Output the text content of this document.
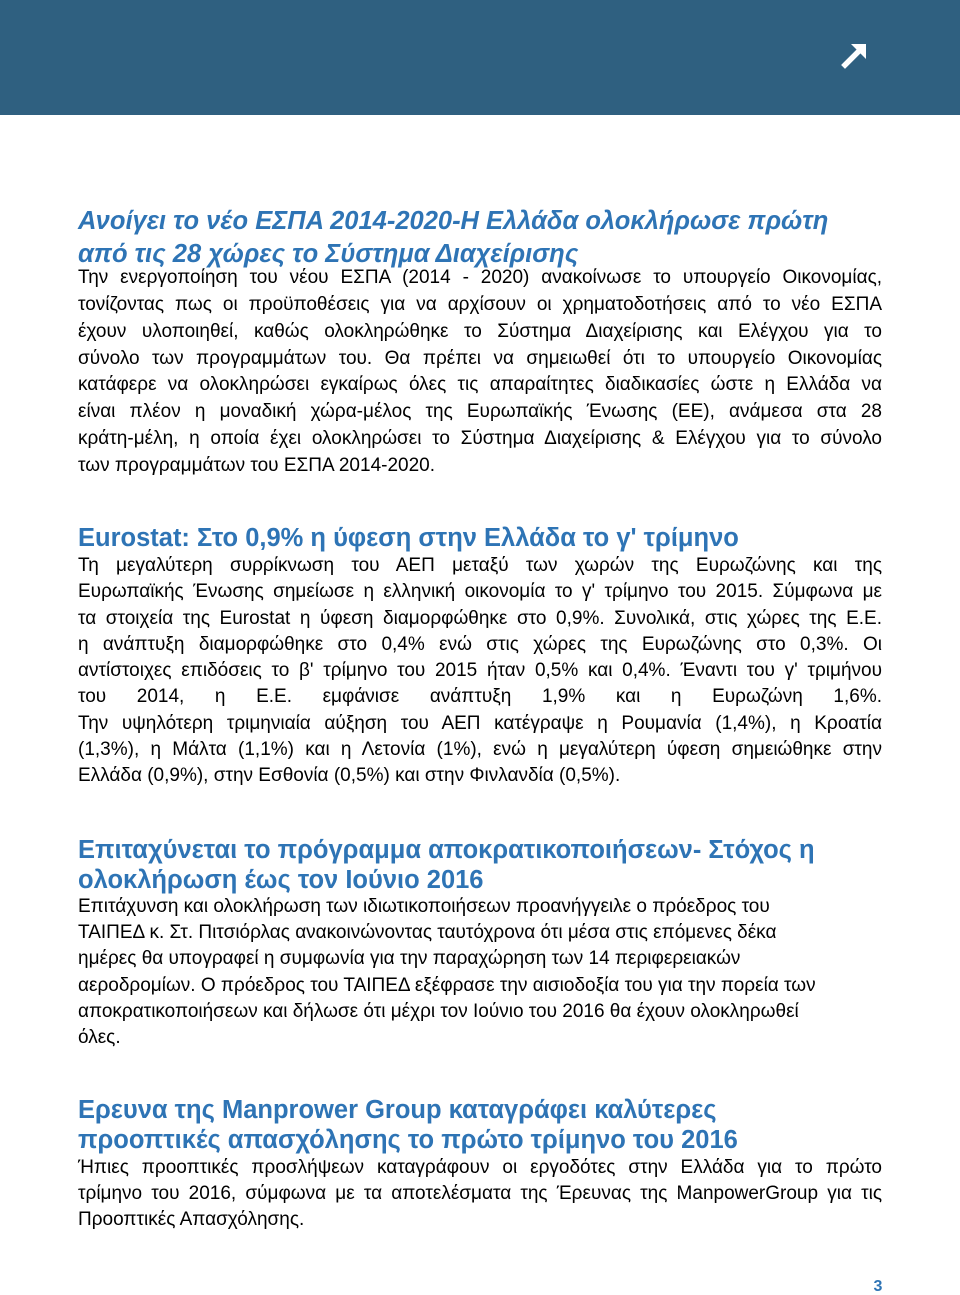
Ανοίγει το νέο ΕΣΠΑ 2014-2020-Η Ελλάδα ολοκλήρωσε πρώτη
από τις 28 χώρες το Σύστημα Διαχείρισης
Την ενεργοποίηση του νέου ΕΣΠΑ (2014 - 2020) ανακοίνωσε το υπουργείο Οικονομίας,
τονίζοντας πως οι προϋποθέσεις για να αρχίσουν οι χρηματοδοτήσεις από το νέο ΕΣΠΑ
έχουν υλοποιηθεί, καθώς ολοκληρώθηκε το Σύστημα Διαχείρισης και Ελέγχου για το
σύνολο των προγραμμάτων του. Θα πρέπει να σημειωθεί ότι το υπουργείο Οικονομίας
κατάφερε να ολοκληρώσει εγκαίρως όλες τις απαραίτητες διαδικασίες ώστε η Ελλάδα να
είναι πλέον η μοναδική χώρα-μέλος της Ευρωπαϊκής Ένωσης (ΕΕ), ανάμεσα στα 28
κράτη-μέλη, η οποία έχει ολοκληρώσει το Σύστημα Διαχείρισης & Ελέγχου για το σύνολο
των προγραμμάτων του ΕΣΠΑ 2014-2020.
Eurostat: Στο 0,9% η ύφεση στην Ελλάδα το γ' τρίμηνο
Τη μεγαλύτερη συρρίκνωση του ΑΕΠ μεταξύ των χωρών της Ευρωζώνης και της
Ευρωπαϊκής Ένωσης σημείωσε η ελληνική οικονομία το γ' τρίμηνο του 2015. Σύμφωνα με
τα στοιχεία της Eurostat η ύφεση διαμορφώθηκε στο 0,9%. Συνολικά, στις χώρες της Ε.Ε.
η ανάπτυξη διαμορφώθηκε στο 0,4% ενώ στις χώρες της Ευρωζώνης στο 0,3%. Οι
αντίστοιχες επιδόσεις το β' τρίμηνο του 2015 ήταν 0,5% και 0,4%. Έναντι του γ' τριμήνου
του 2014, η Ε.Ε. εμφάνισε ανάπτυξη 1,9% και η Ευρωζώνη 1,6%.
Την υψηλότερη τριμηνιαία αύξηση του ΑΕΠ κατέγραψε η Ρουμανία (1,4%), η Κροατία
(1,3%), η Μάλτα (1,1%) και η Λετονία (1%), ενώ η μεγαλύτερη ύφεση σημειώθηκε στην
Ελλάδα (0,9%), στην Εσθονία (0,5%) και στην Φινλανδία (0,5%).
Επιταχύνεται το πρόγραμμα αποκρατικοποιήσεων- Στόχος η
ολοκλήρωση έως τον Ιούνιο 2016
Επιτάχυνση και ολοκλήρωση των ιδιωτικοποιήσεων προανήγγειλε ο πρόεδρος του
ΤΑΙΠΕΔ κ. Στ. Πιτσιόρλας ανακοινώνοντας ταυτόχρονα ότι μέσα στις επόμενες δέκα
ημέρες θα υπογραφεί η συμφωνία για την παραχώρηση των 14 περιφερειακών
αεροδρομίων. Ο πρόεδρος του ΤΑΙΠΕΔ εξέφρασε την αισιοδοξία του για την πορεία των
αποκρατικοποιήσεων και δήλωσε ότι μέχρι τον Ιούνιο του 2016 θα έχουν ολοκληρωθεί
όλες.
Ερευνα της Manprower Group καταγράφει καλύτερες
προοπτικές απασχόλησης το πρώτο τρίμηνο του 2016
Ήπιες προοπτικές προσλήψεων καταγράφουν οι εργοδότες στην Ελλάδα για το πρώτο
τρίμηνο του 2016, σύμφωνα με τα αποτελέσματα της Έρευνας της ManpowerGroup για τις
Προοπτικές Απασχόλησης.
3
